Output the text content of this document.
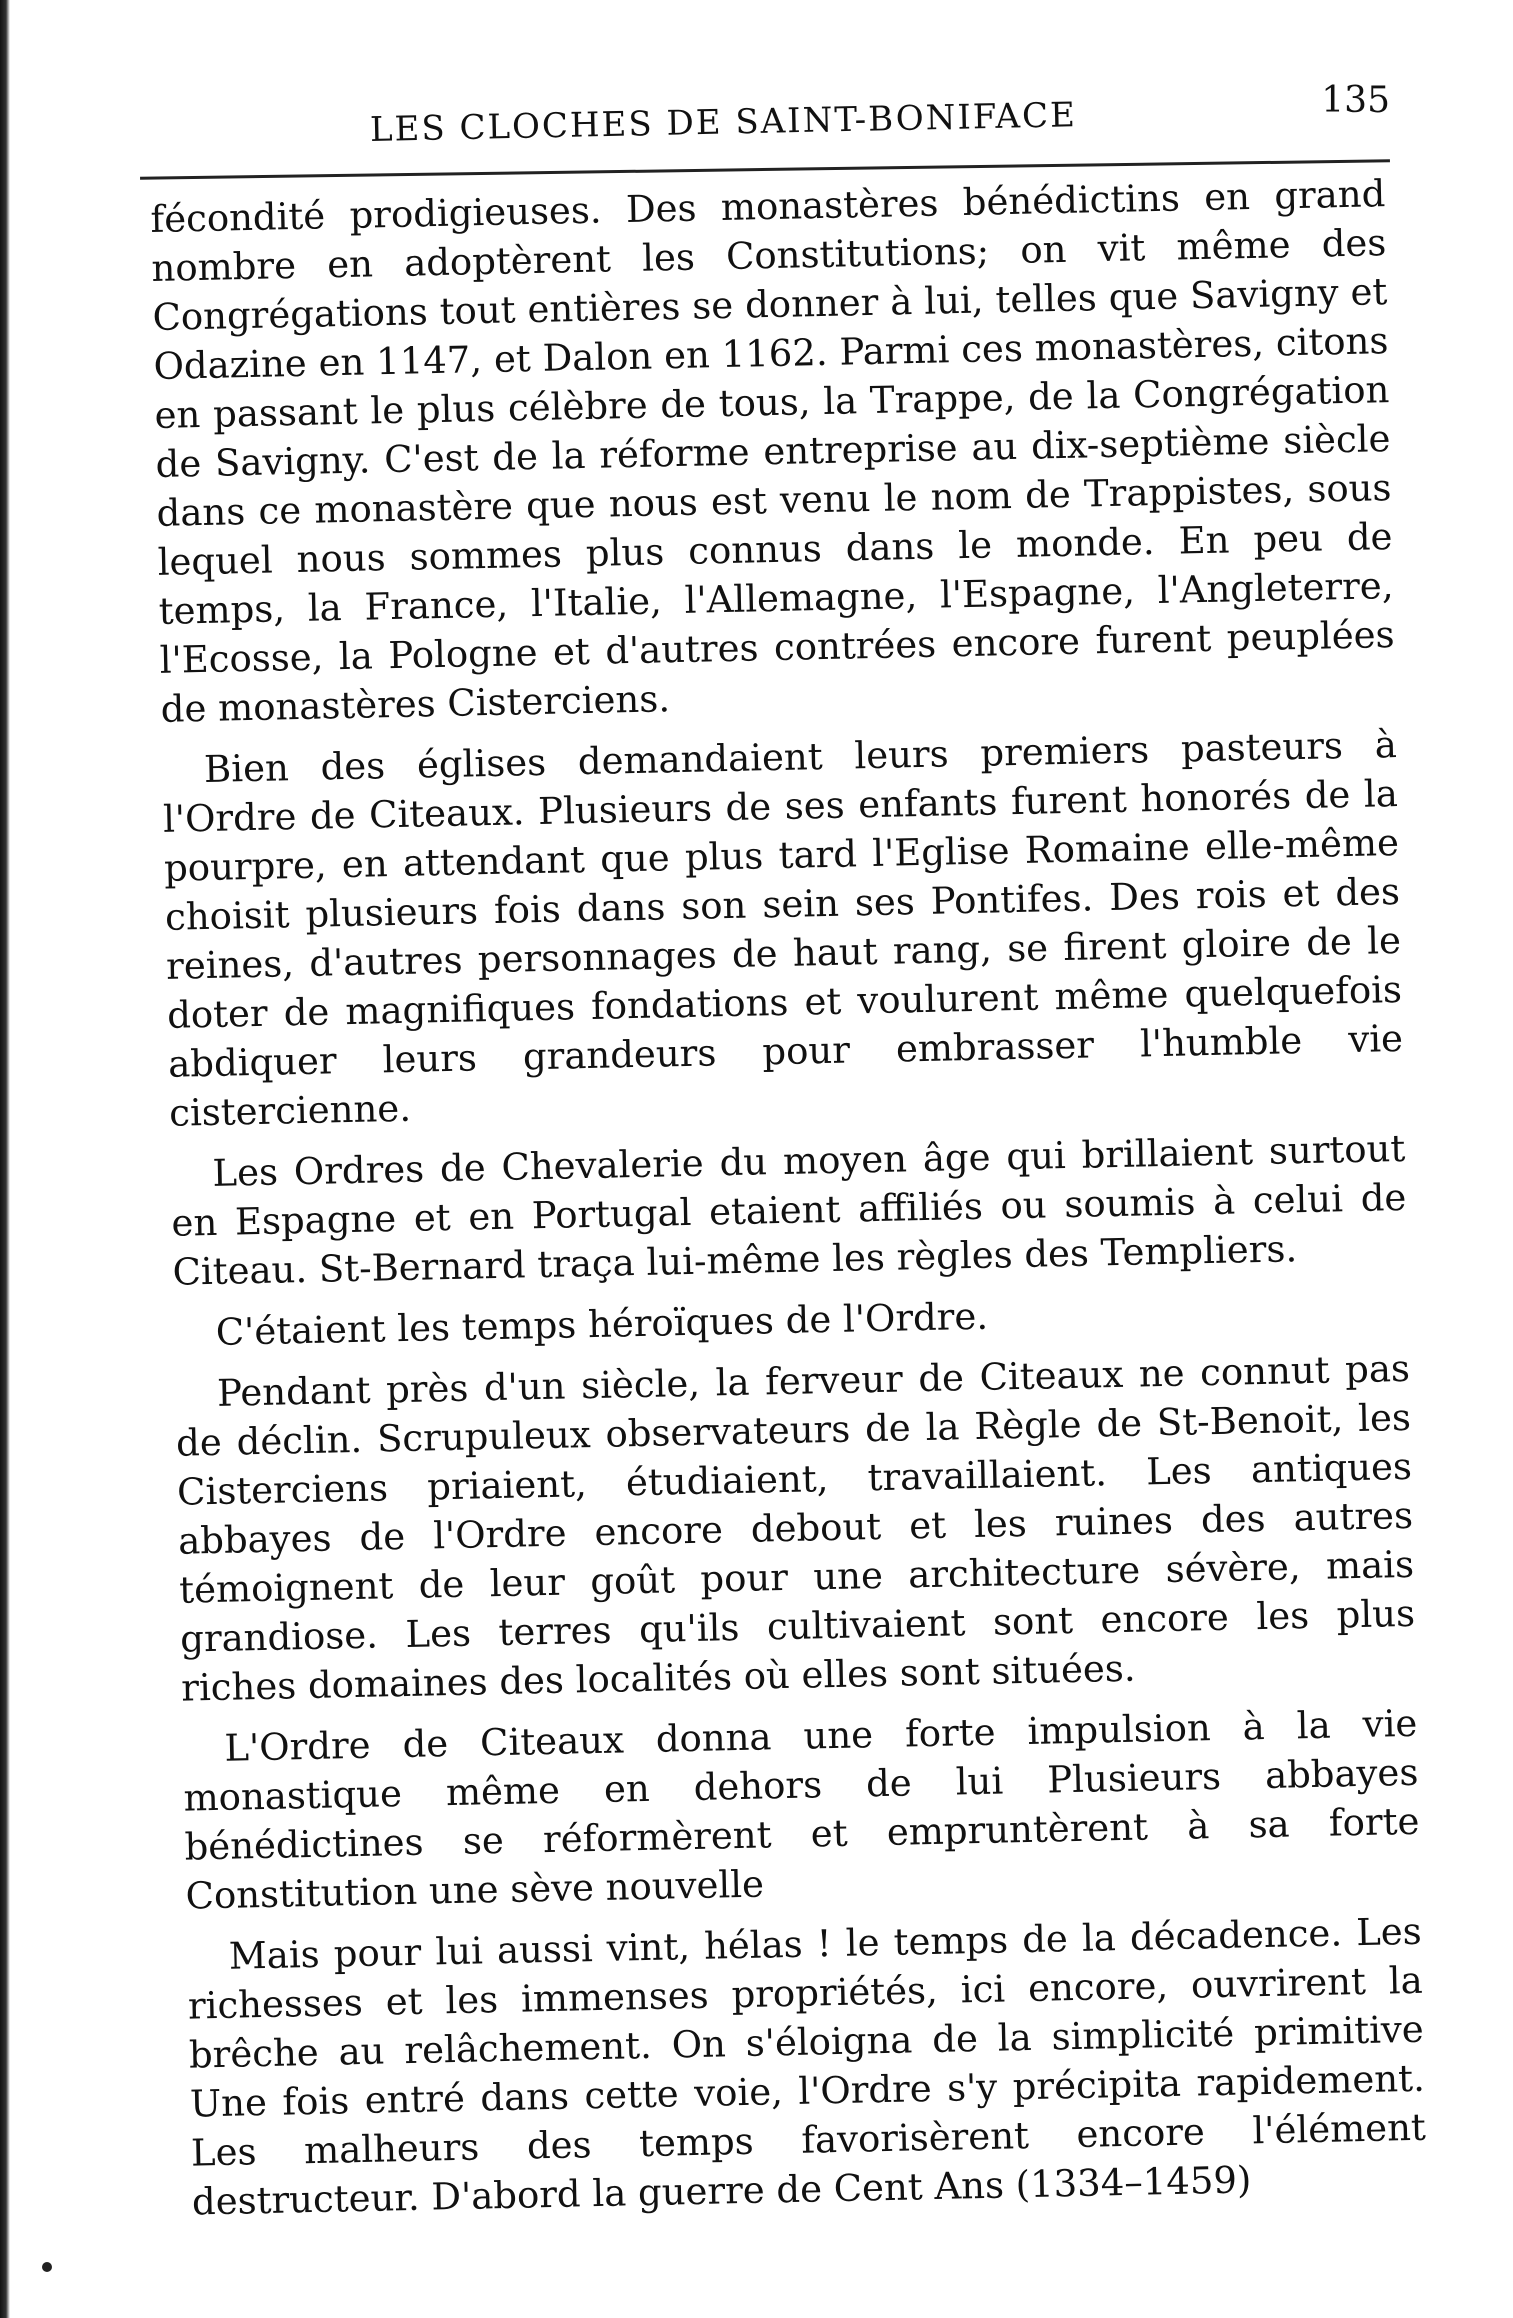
LES CLOCHES DE SAINT-BONIFACE	135

fécondité prodigieuses. Des monastères bénédictins en grand nombre en adoptèrent les Constitutions; on vit même des Congrégations tout entières se donner à lui, telles que Savigny et Odazine en 1147, et Dalon en 1162. Parmi ces monastères, citons en passant le plus célèbre de tous, la Trappe, de la Congrégation de Savigny. C'est de la réforme entreprise au dix-septième siècle dans ce monastère que nous est venu le nom de Trappistes, sous lequel nous sommes plus connus dans le monde. En peu de temps, la France, l'Italie, l'Allemagne, l'Espagne, l'Angleterre, l'Ecosse, la Pologne et d'autres contrées encore furent peuplées de monastères Cisterciens.

Bien des églises demandaient leurs premiers pasteurs à l'Ordre de Citeaux. Plusieurs de ses enfants furent honorés de la pourpre, en attendant que plus tard l'Eglise Romaine elle-même choisit plusieurs fois dans son sein ses Pontifes. Des rois et des reines, d'autres personnages de haut rang, se firent gloire de le doter de magnifiques fondations et voulurent même quelquefois abdiquer leurs grandeurs pour embrasser l'humble vie cistercienne.

Les Ordres de Chevalerie du moyen âge qui brillaient surtout en Espagne et en Portugal etaient affiliés ou soumis à celui de Citeau. St-Bernard traça lui-même les règles des Templiers.

C'étaient les temps héroïques de l'Ordre.

Pendant près d'un siècle, la ferveur de Citeaux ne connut pas de déclin. Scrupuleux observateurs de la Règle de St-Benoit, les Cisterciens priaient, étudiaient, travaillaient. Les antiques abbayes de l'Ordre encore debout et les ruines des autres témoignent de leur goût pour une architecture sévère, mais grandiose. Les terres qu'ils cultivaient sont encore les plus riches domaines des localités où elles sont situées.

L'Ordre de Citeaux donna une forte impulsion à la vie monastique même en dehors de lui Plusieurs abbayes bénédictines se réformèrent et empruntèrent à sa forte Constitution une sève nouvelle

Mais pour lui aussi vint, hélas ! le temps de la décadence. Les richesses et les immenses propriétés, ici encore, ouvrirent la brêche au relâchement. On s'éloigna de la simplicité primitive Une fois entré dans cette voie, l'Ordre s'y précipita rapidement. Les malheurs des temps favorisèrent encore l'élément destructeur. D'abord la guerre de Cent Ans (1334–1459)
